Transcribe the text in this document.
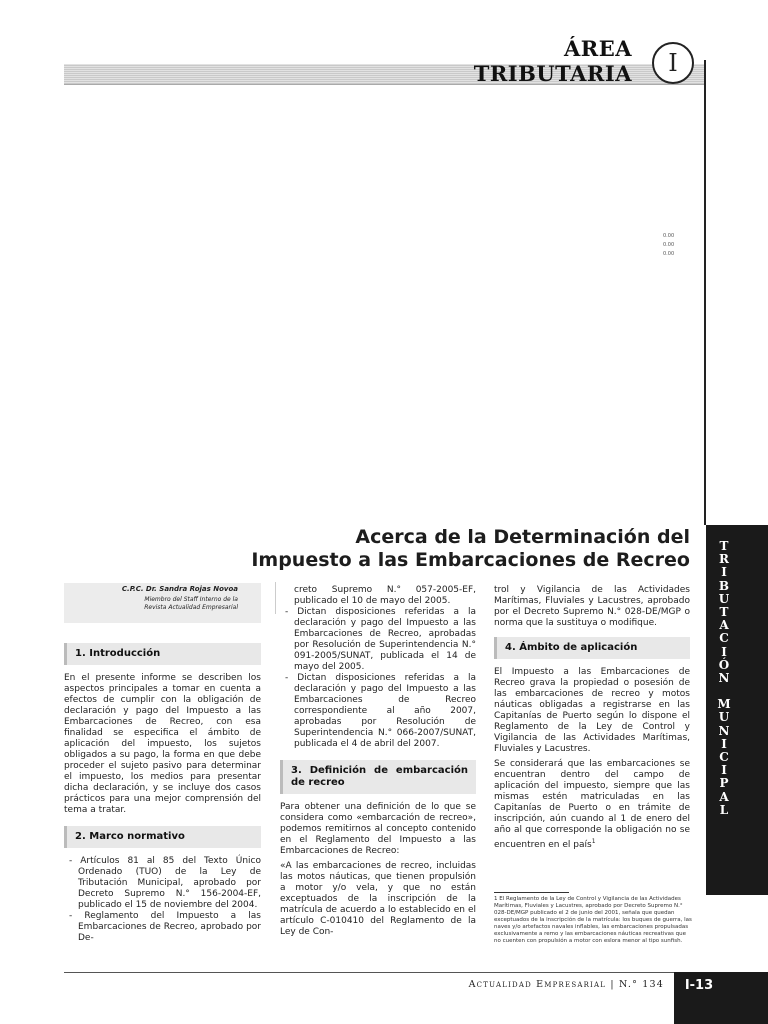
ÁREA TRIBUTARIA	I
0.00
0.00
0.00
T
R
I
B
U
T
A
C
I
Ó
N
M
U
N
I
C
I
P
A
L
Acerca de la Determinación del
Impuesto a las Embarcaciones de Recreo
C.P.C. Dr. Sandra Rojas Novoa
Miembro del Staff Interno de la
Revista Actualidad Empresarial

1. Introducción

En el presente informe se describen los aspectos principales a tomar en cuenta a efectos de cumplir con la obligación de declaración y pago del Impuesto a las Embarcaciones de Recreo, con esa finalidad se especifica el ámbito de aplicación del impuesto, los sujetos obligados a su pago, la forma en que debe proceder el sujeto pasivo para determinar el impuesto, los medios para presentar dicha declaración, y se incluye dos casos prácticos para una mejor comprensión del tema a tratar.

2. Marco normativo

- Artículos 81 al 85 del Texto Único Ordenado (TUO) de la Ley de Tributación Municipal, aprobado por Decreto Supremo N.° 156-2004-EF, publicado el 15 de noviembre del 2004.

- Reglamento del Impuesto a las Embarcaciones de Recreo, aprobado por De-

creto Supremo N.° 057-2005-EF, publicado el 10 de mayo del 2005.

- Dictan disposiciones referidas a la declaración y pago del Impuesto a las Embarcaciones de Recreo, aprobadas por Resolución de Superintendencia N.° 091-2005/SUNAT, publicada el 14 de mayo del 2005.

- Dictan disposiciones referidas a la declaración y pago del Impuesto a las Embarcaciones de Recreo correspondiente al año 2007, aprobadas por Resolución de Superintendencia N.° 066-2007/SUNAT, publicada el 4 de abril del 2007.

3. Definición de embarcación de recreo

Para obtener una definición de lo que se considera como «embarcación de recreo», podemos remitirnos al concepto contenido en el Reglamento del Impuesto a las Embarcaciones de Recreo:

«A las embarcaciones de recreo, incluidas las motos náuticas, que tienen propulsión a motor y/o vela, y que no están exceptuados de la inscripción de la matrícula de acuerdo a lo establecido en el artículo C-010410 del Reglamento de la Ley de Con-

trol y Vigilancia de las Actividades Marítimas, Fluviales y Lacustres, aprobado por el Decreto Supremo N.° 028-DE/MGP o norma que la sustituya o modifique.

4. Ámbito de aplicación

El Impuesto a las Embarcaciones de Recreo grava la propiedad o posesión de las embarcaciones de recreo y motos náuticas obligadas a registrarse en las Capitanías de Puerto según lo dispone el Reglamento de la Ley de Control y Vigilancia de las Actividades Marítimas, Fluviales y Lacustres.

Se considerará que las embarcaciones se encuentran dentro del campo de aplicación del impuesto, siempre que las mismas estén matriculadas en las Capitanías de Puerto o en trámite de inscripción, aún cuando al 1 de enero del año al que corresponde la obligación no se encuentren en el país$^1$

1 El Reglamento de la Ley de Control y Vigilancia de las Actividades Marítimas, Fluviales y Lacustres, aprobado por Decreto Supremo N.° 028-DE/MGP publicado el 2 de junio del 2001, señala que quedan exceptuados de la inscripción de la matrícula: los buques de guerra, las naves y/o artefactos navales inflables, las embarcaciones propulsadas exclusivamente a remo y las embarcaciones náuticas recreativas que no cuenten con propulsión a motor con eslora menor al tipo sunfish.
Actualidad Empresarial | N.° 134	I-13
